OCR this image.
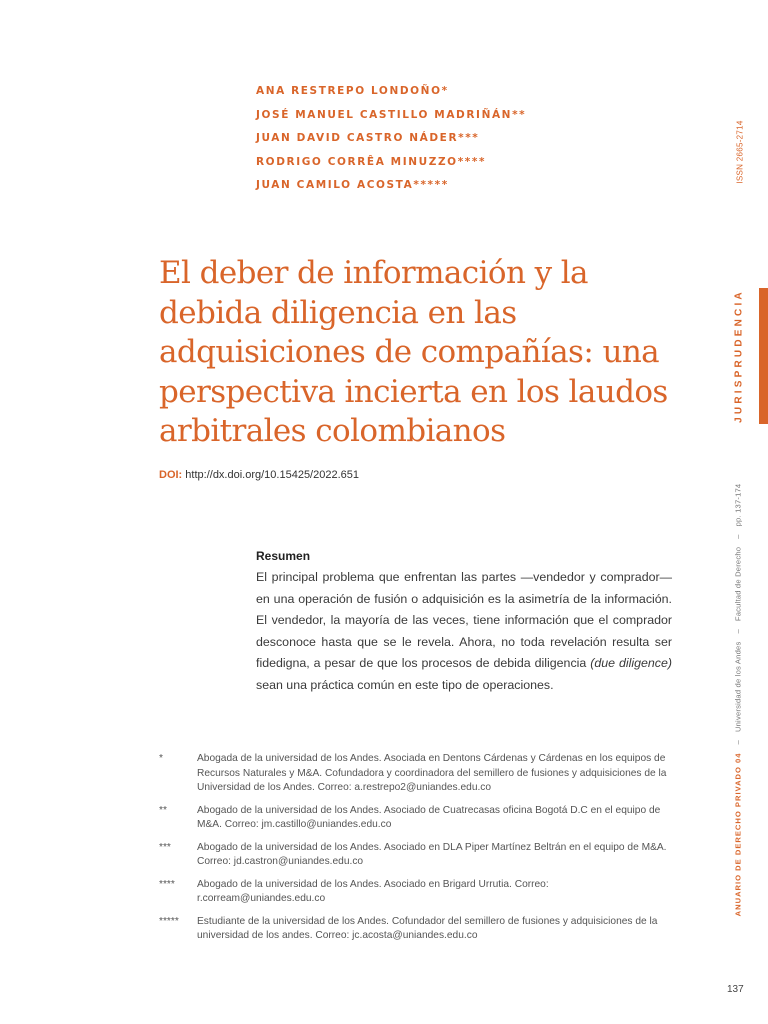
ANA RESTREPO LONDOÑO*
JOSÉ MANUEL CASTILLO MADRIÑÁN**
JUAN DAVID CASTRO NÁDER***
RODRIGO CORRÊA MINUZZO****
JUAN CAMILO ACOSTA*****
El deber de información y la debida diligencia en las adquisiciones de compañías: una perspectiva incierta en los laudos arbitrales colombianos
DOI: http://dx.doi.org/10.15425/2022.651
Resumen

El principal problema que enfrentan las partes —vendedor y comprador— en una operación de fusión o adquisición es la asimetría de la información. El vendedor, la mayoría de las veces, tiene información que el comprador desconoce hasta que se le revela. Ahora, no toda revelación resulta ser fidedigna, a pesar de que los procesos de debida diligencia (due diligence) sean una práctica común en este tipo de operaciones.

*	Abogada de la universidad de los Andes. Asociada en Dentons Cárdenas y Cárdenas en los equipos de Recursos Naturales y M&A. Cofundadora y coordinadora del semillero de fusiones y adquisiciones de la Universidad de los Andes. Correo: a.restrepo2@uniandes.edu.co
**	Abogado de la universidad de los Andes. Asociado de Cuatrecasas oficina Bogotá D.C en el equipo de M&A. Correo: jm.castillo@uniandes.edu.co
***	Abogado de la universidad de los Andes. Asociado en DLA Piper Martínez Beltrán en el equipo de M&A. Correo: jd.castron@uniandes.edu.co
****	Abogado de la universidad de los Andes. Asociado en Brigard Urrutia. Correo: r.corream@uniandes.edu.co
*****	Estudiante de la universidad de los Andes. Cofundador del semillero de fusiones y adquisiciones de la universidad de los andes. Correo: jc.acosta@uniandes.edu.co
ISSN 2665-2714
JURISPRUDENCIA
ANUARIO DE DERECHO PRIVADO 04–Universidad de los Andes–Facultad de Derecho–pp. 137-174
137
